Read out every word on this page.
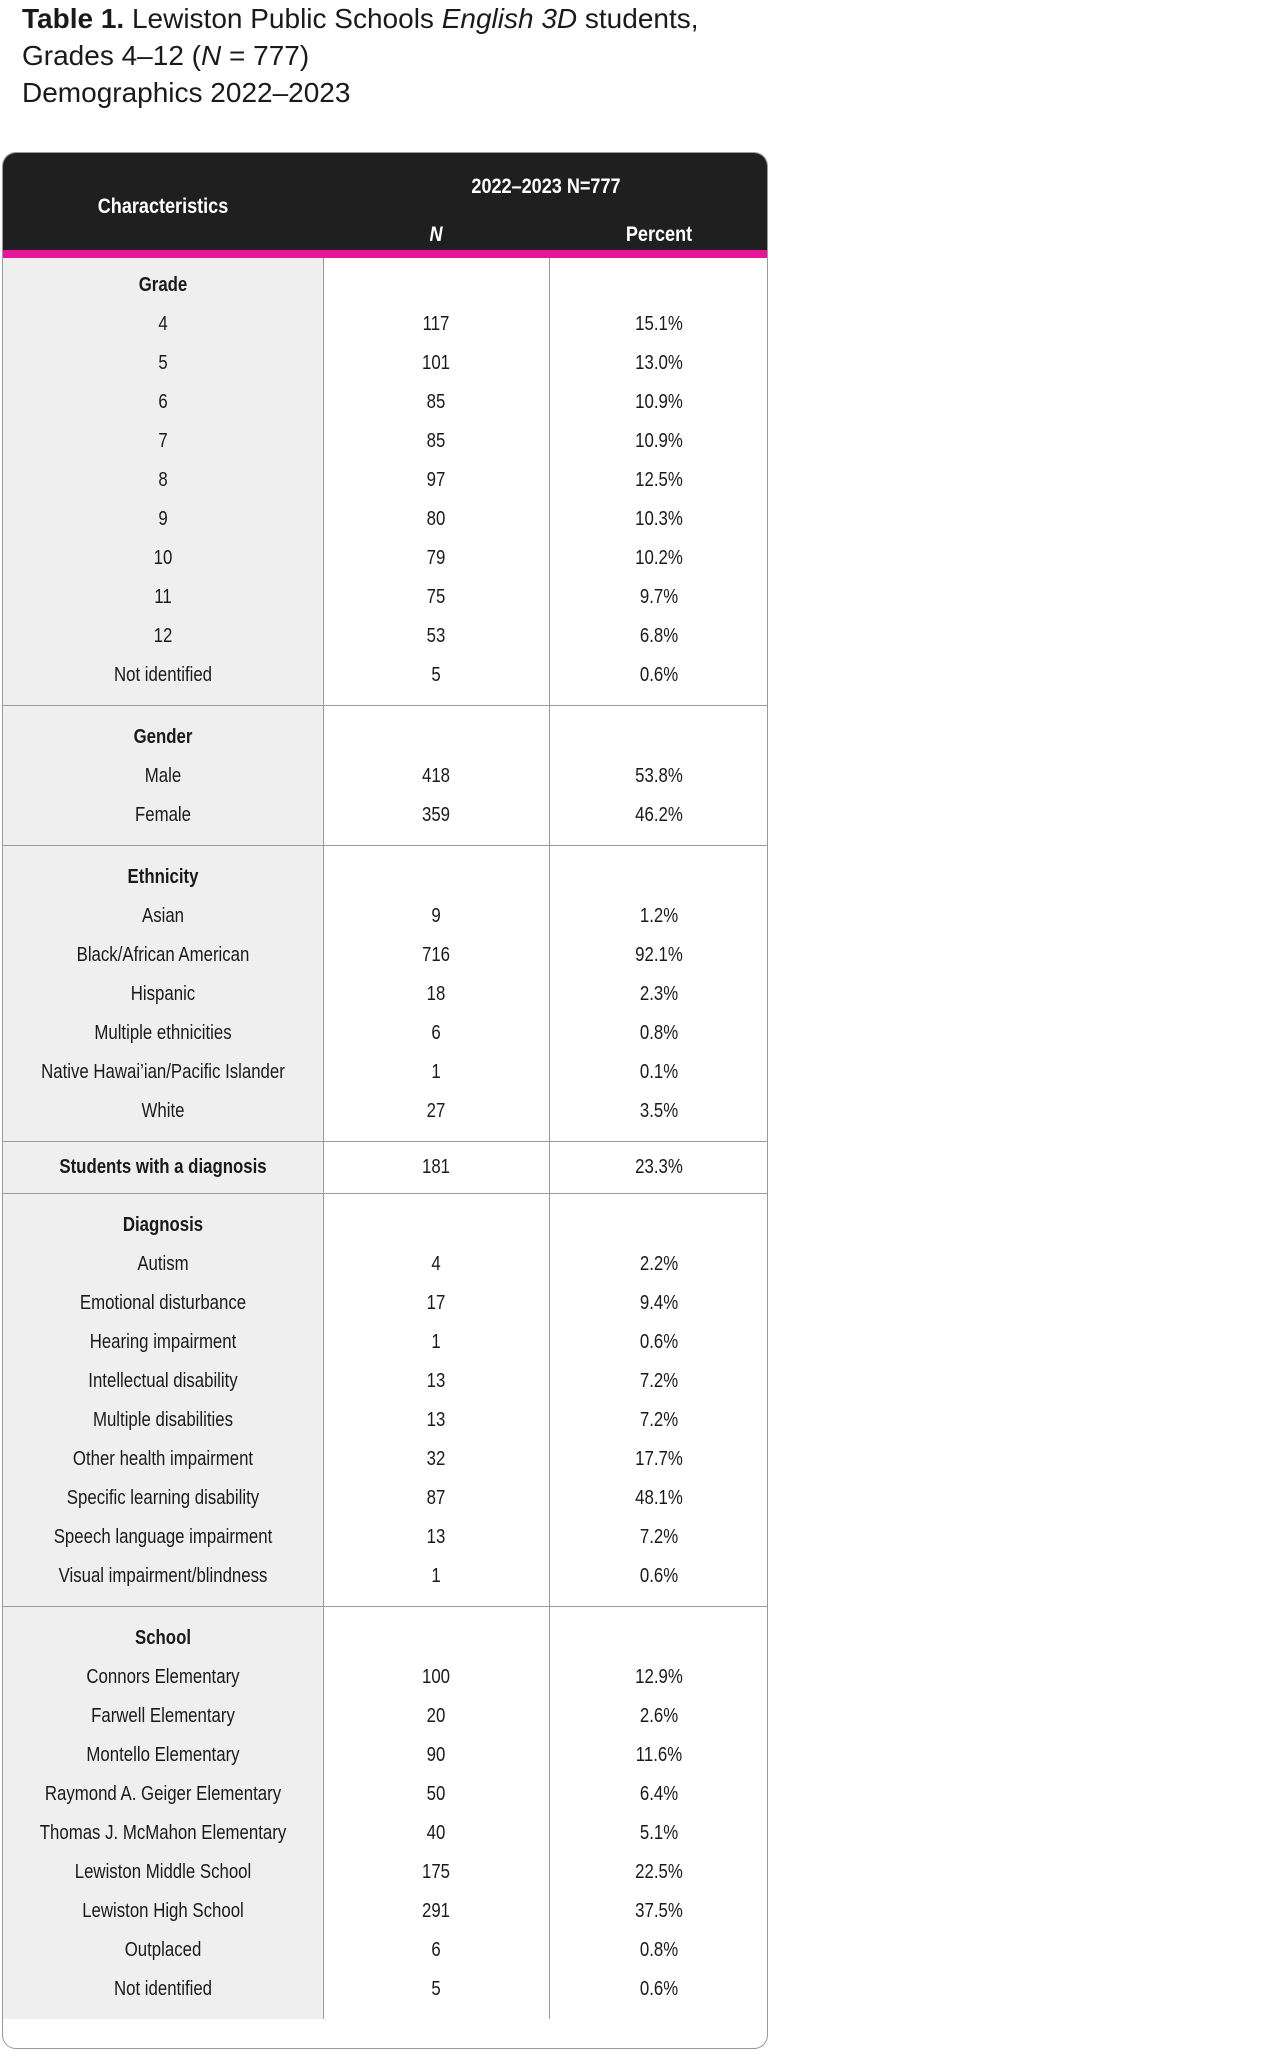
Table 1. Lewiston Public Schools English 3D students,
Grades 4–12 (N = 777)
Demographics 2022–2023
Characteristics
2022–2023 N=777
N	Percent
Grade
4	117	15.1%
5	101	13.0%
6	85	10.9%
7	85	10.9%
8	97	12.5%
9	80	10.3%
10	79	10.2%
11	75	9.7%
12	53	6.8%
Not identified	5	0.6%
Gender
Male	418	53.8%
Female	359	46.2%
Ethnicity
Asian	9	1.2%
Black/African American	716	92.1%
Hispanic	18	2.3%
Multiple ethnicities	6	0.8%
Native Hawai’ian/Pacific Islander	1	0.1%
White	27	3.5%
Students with a diagnosis	181	23.3%
Diagnosis
Autism	4	2.2%
Emotional disturbance	17	9.4%
Hearing impairment	1	0.6%
Intellectual disability	13	7.2%
Multiple disabilities	13	7.2%
Other health impairment	32	17.7%
Specific learning disability	87	48.1%
Speech language impairment	13	7.2%
Visual impairment/blindness	1	0.6%
School
Connors Elementary	100	12.9%
Farwell Elementary	20	2.6%
Montello Elementary	90	11.6%
Raymond A. Geiger Elementary	50	6.4%
Thomas J. McMahon Elementary	40	5.1%
Lewiston Middle School	175	22.5%
Lewiston High School	291	37.5%
Outplaced	6	0.8%
Not identified	5	0.6%
